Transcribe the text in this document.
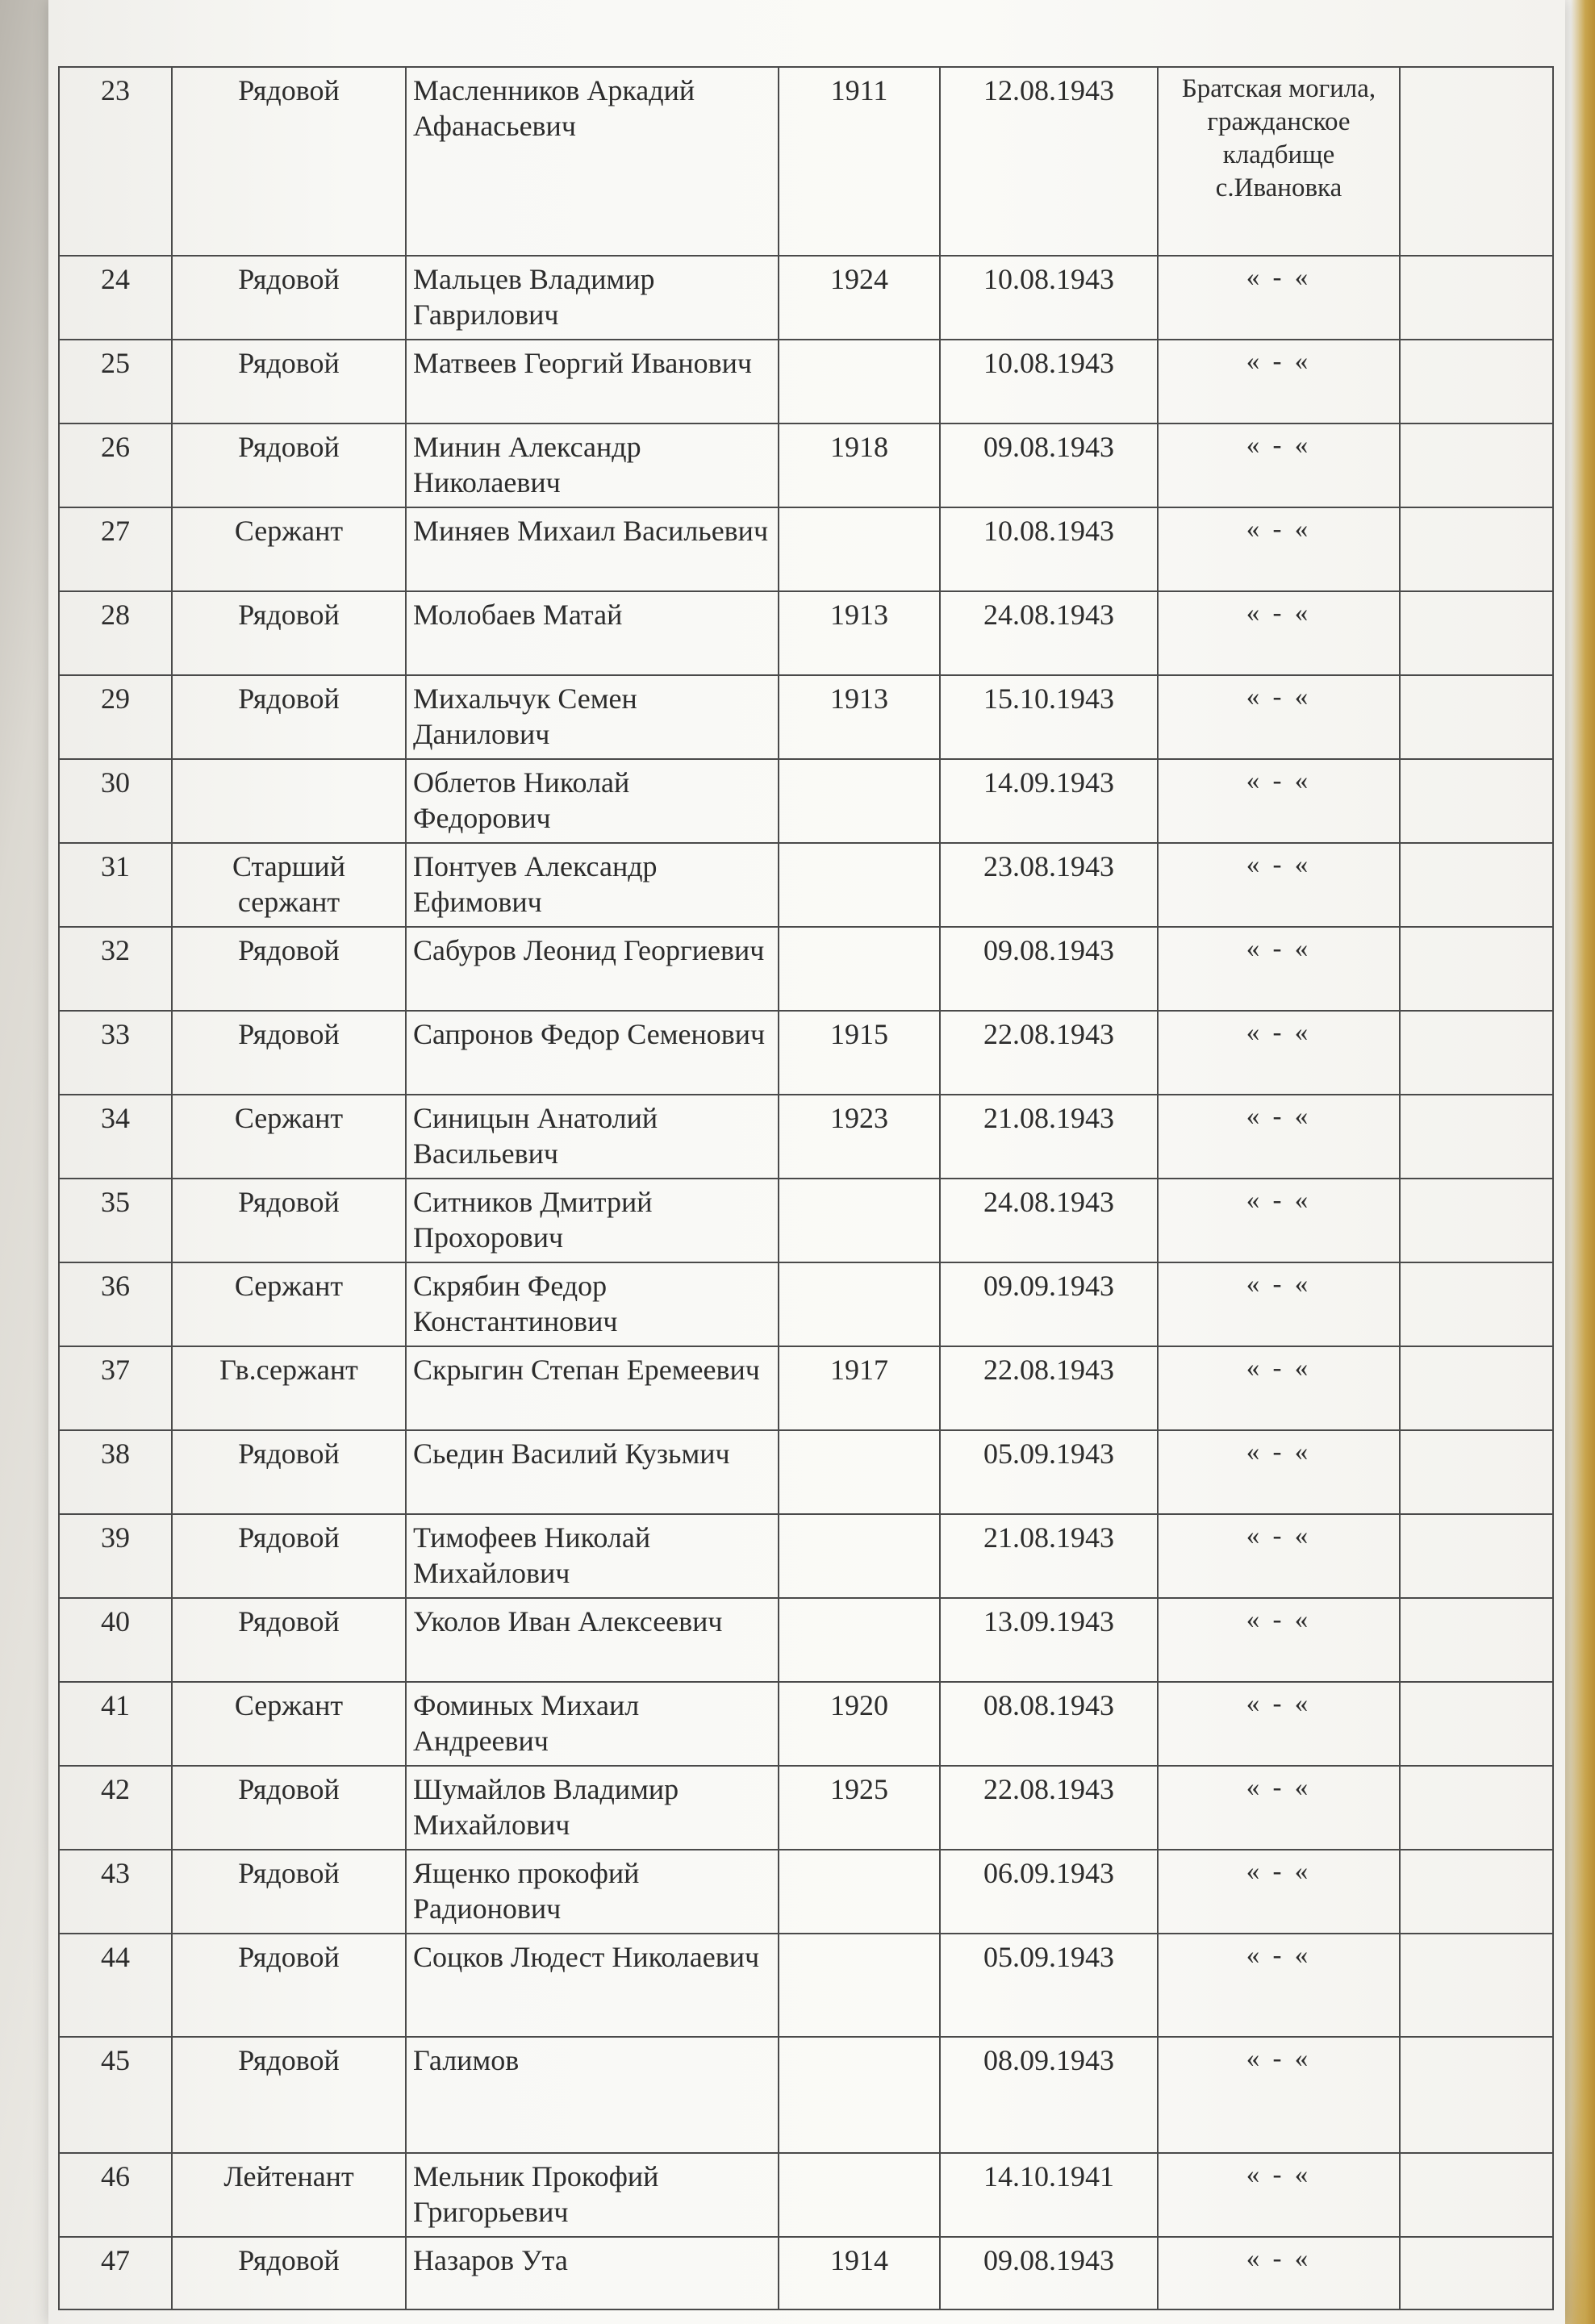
23	Рядовой	Масленников Аркадий Афанасьевич	1911	12.08.1943	Братская могила, гражданское кладбище с.Ивановка	
24	Рядовой	Мальцев Владимир Гаврилович	1924	10.08.1943	« - «	
25	Рядовой	Матвеев Георгий Иванович		10.08.1943	« - «	
26	Рядовой	Минин Александр Николаевич	1918	09.08.1943	« - «	
27	Сержант	Миняев Михаил Васильевич		10.08.1943	« - «	
28	Рядовой	Молобаев Матай	1913	24.08.1943	« - «	
29	Рядовой	Михальчук Семен Данилович	1913	15.10.1943	« - «	
30		Облетов Николай Федорович		14.09.1943	« - «	
31	Старший сержант	Понтуев Александр Ефимович		23.08.1943	« - «	
32	Рядовой	Сабуров Леонид Георгиевич		09.08.1943	« - «	
33	Рядовой	Сапронов Федор Семенович	1915	22.08.1943	« - «	
34	Сержант	Синицын Анатолий Васильевич	1923	21.08.1943	« - «	
35	Рядовой	Ситников Дмитрий Прохорович		24.08.1943	« - «	
36	Сержант	Скрябин Федор Константинович		09.09.1943	« - «	
37	Гв.сержант	Скрыгин Степан Еремеевич	1917	22.08.1943	« - «	
38	Рядовой	Сьедин Василий Кузьмич		05.09.1943	« - «	
39	Рядовой	Тимофеев Николай Михайлович		21.08.1943	« - «	
40	Рядовой	Уколов Иван Алексеевич		13.09.1943	« - «	
41	Сержант	Фоминых Михаил Андреевич	1920	08.08.1943	« - «	
42	Рядовой	Шумайлов Владимир Михайлович	1925	22.08.1943	« - «	
43	Рядовой	Ященко прокофий Радионович		06.09.1943	« - «	
44	Рядовой	Соцков Людест Николаевич		05.09.1943	« - «	
45	Рядовой	Галимов		08.09.1943	« - «	
46	Лейтенант	Мельник Прокофий Григорьевич		14.10.1941	« - «	
47	Рядовой	Назаров Ута	1914	09.08.1943	« - «	
